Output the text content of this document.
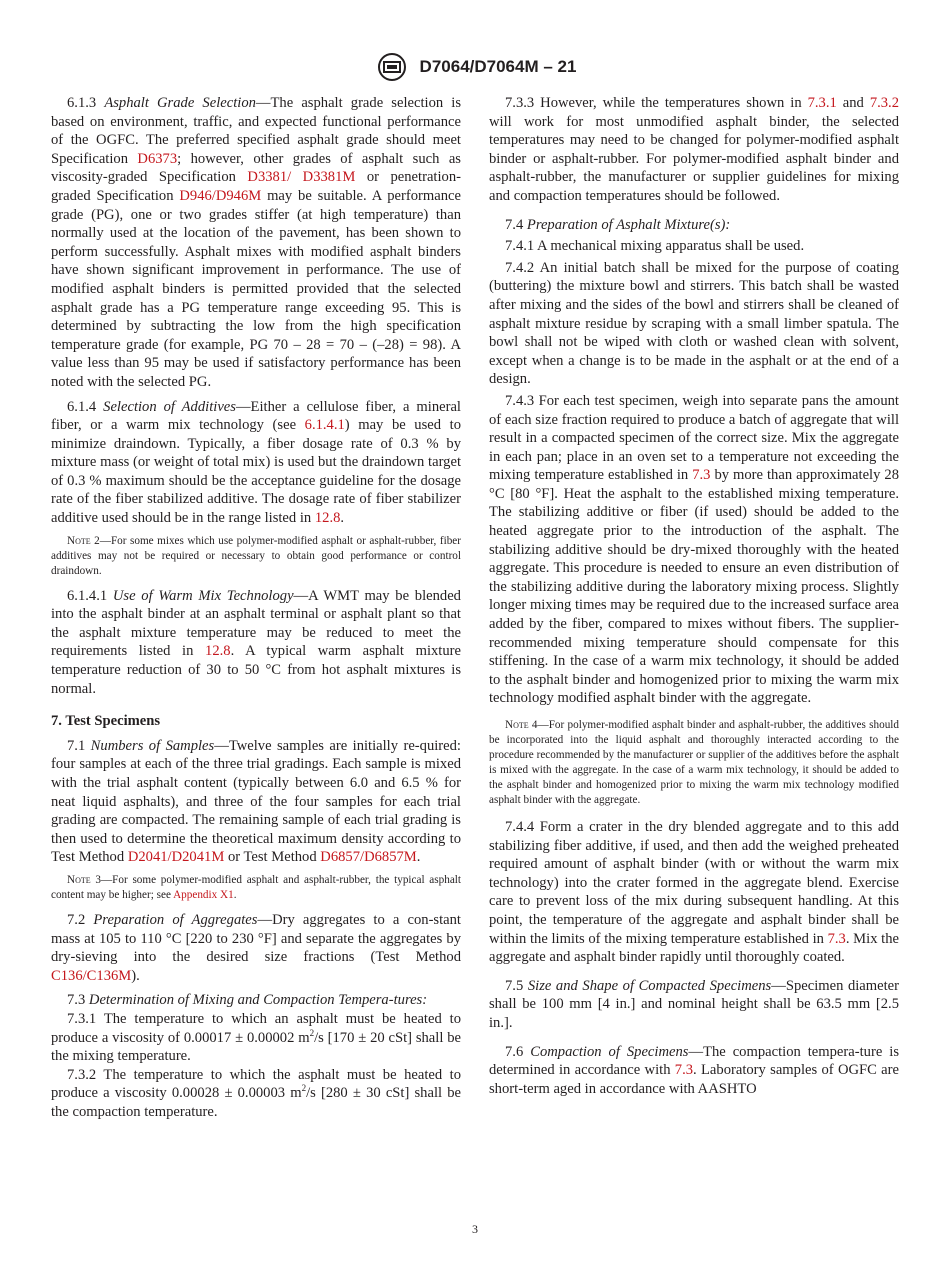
D7064/D7064M – 21

6.1.3 Asphalt Grade Selection—The asphalt grade selection is based on environment, traffic, and expected functional performance of the OGFC. The preferred specified asphalt grade should meet Specification D6373; however, other grades of asphalt such as viscosity-graded Specification D3381/ D3381M or penetration-graded Specification D946/D946M may be suitable. A performance grade (PG), one or two grades stiffer (at high temperature) than normally used at the location of the pavement, has been shown to perform successfully. Asphalt mixes with modified asphalt binders have shown significant improvement in performance. The use of modified asphalt binders is permitted provided that the selected asphalt grade has a PG temperature range exceeding 95. This is determined by subtracting the low from the high specification temperature grade (for example, PG 70 – 28 = 70 – (–28) = 98). A value less than 95 may be used if satisfactory performance has been noted with the selected PG.

6.1.4 Selection of Additives—Either a cellulose fiber, a mineral fiber, or a warm mix technology (see 6.1.4.1) may be used to minimize draindown. Typically, a fiber dosage rate of 0.3 % by mixture mass (or weight of total mix) is used but the draindown target of 0.3 % maximum should be the acceptance guideline for the dosage rate of the fiber stabilized additive. The dosage rate of fiber stabilizer additive used should be in the range listed in 12.8.

Note 2—For some mixes which use polymer-modified asphalt or asphalt-rubber, fiber additives may not be required or necessary to obtain good performance or control draindown.

6.1.4.1 Use of Warm Mix Technology—A WMT may be blended into the asphalt binder at an asphalt terminal or asphalt plant so that the asphalt mixture temperature may be reduced to meet the requirements listed in 12.8. A typical warm asphalt mixture temperature reduction of 30 to 50 °C from hot asphalt mixtures is normal.

7. Test Specimens

7.1 Numbers of Samples—Twelve samples are initially re-quired: four samples at each of the three trial gradings. Each sample is mixed with the trial asphalt content (typically between 6.0 and 6.5 % for neat liquid asphalts), and three of the four samples for each trial grading are compacted. The remaining sample of each trial grading is then used to determine the theoretical maximum density according to Test Method D2041/D2041M or Test Method D6857/D6857M.

Note 3—For some polymer-modified asphalt and asphalt-rubber, the typical asphalt content may be higher; see Appendix X1.

7.2 Preparation of Aggregates—Dry aggregates to a con-stant mass at 105 to 110 °C [220 to 230 °F] and separate the aggregates by dry-sieving into the desired size fractions (Test Method C136/C136M).

7.3 Determination of Mixing and Compaction Tempera-tures:

7.3.1 The temperature to which an asphalt must be heated to produce a viscosity of 0.00017 ± 0.00002 $m^2/s$ [170 ± 20 cSt] shall be the mixing temperature.

7.3.2 The temperature to which the asphalt must be heated to produce a viscosity 0.00028 ± 0.00003 $m^2/s$ [280 ± 30 cSt] shall be the compaction temperature.

7.3.3 However, while the temperatures shown in 7.3.1 and 7.3.2 will work for most unmodified asphalt binder, the selected temperatures may need to be changed for polymer-modified asphalt binder or asphalt-rubber. For polymer-modified asphalt binder and asphalt-rubber, the manufacturer or supplier guidelines for mixing and compaction temperatures should be followed.

7.4 Preparation of Asphalt Mixture(s):

7.4.1 A mechanical mixing apparatus shall be used.

7.4.2 An initial batch shall be mixed for the purpose of coating (buttering) the mixture bowl and stirrers. This batch shall be wasted after mixing and the sides of the bowl and stirrers shall be cleaned of asphalt mixture residue by scraping with a small limber spatula. The bowl shall not be wiped with cloth or washed clean with solvent, except when a change is to be made in the asphalt or at the end of a design.

7.4.3 For each test specimen, weigh into separate pans the amount of each size fraction required to produce a batch of aggregate that will result in a compacted specimen of the correct size. Mix the aggregate in each pan; place in an oven set to a temperature not exceeding the mixing temperature established in 7.3 by more than approximately 28 °C [80 °F]. Heat the asphalt to the established mixing temperature. The stabilizing additive or fiber (if used) should be added to the heated aggregate prior to the introduction of the asphalt. The stabilizing additive should be dry-mixed thoroughly with the heated aggregate. This procedure is needed to ensure an even distribution of the stabilizing additive during the laboratory mixing process. Slightly longer mixing times may be required due to the increased surface area added by the fiber, compared to mixes without fibers. The supplier-recommended mixing temperature should compensate for this stiffening. In the case of a warm mix technology, it should be added to the asphalt binder and homogenized prior to mixing the warm mix technology modified asphalt binder with the aggregate.

Note 4—For polymer-modified asphalt binder and asphalt-rubber, the additives should be incorporated into the liquid asphalt and thoroughly interacted according to the procedure recommended by the manufacturer or supplier of the additives before the asphalt is mixed with the aggregate. In the case of a warm mix technology, it should be added to the asphalt binder and homogenized prior to mixing the warm mix technology modified asphalt binder with the aggregate.

7.4.4 Form a crater in the dry blended aggregate and to this add stabilizing fiber additive, if used, and then add the weighed preheated required amount of asphalt binder (with or without the warm mix technology) into the crater formed in the aggregate blend. Exercise care to prevent loss of the mix during subsequent handling. At this point, the temperature of the aggregate and asphalt binder shall be within the limits of the mixing temperature established in 7.3. Mix the aggregate and asphalt binder rapidly until thoroughly coated.

7.5 Size and Shape of Compacted Specimens—Specimen diameter shall be 100 mm [4 in.] and nominal height shall be 63.5 mm [2.5 in.].

7.6 Compaction of Specimens—The compaction tempera-ture is determined in accordance with 7.3. Laboratory samples of OGFC are short-term aged in accordance with AASHTO

3
